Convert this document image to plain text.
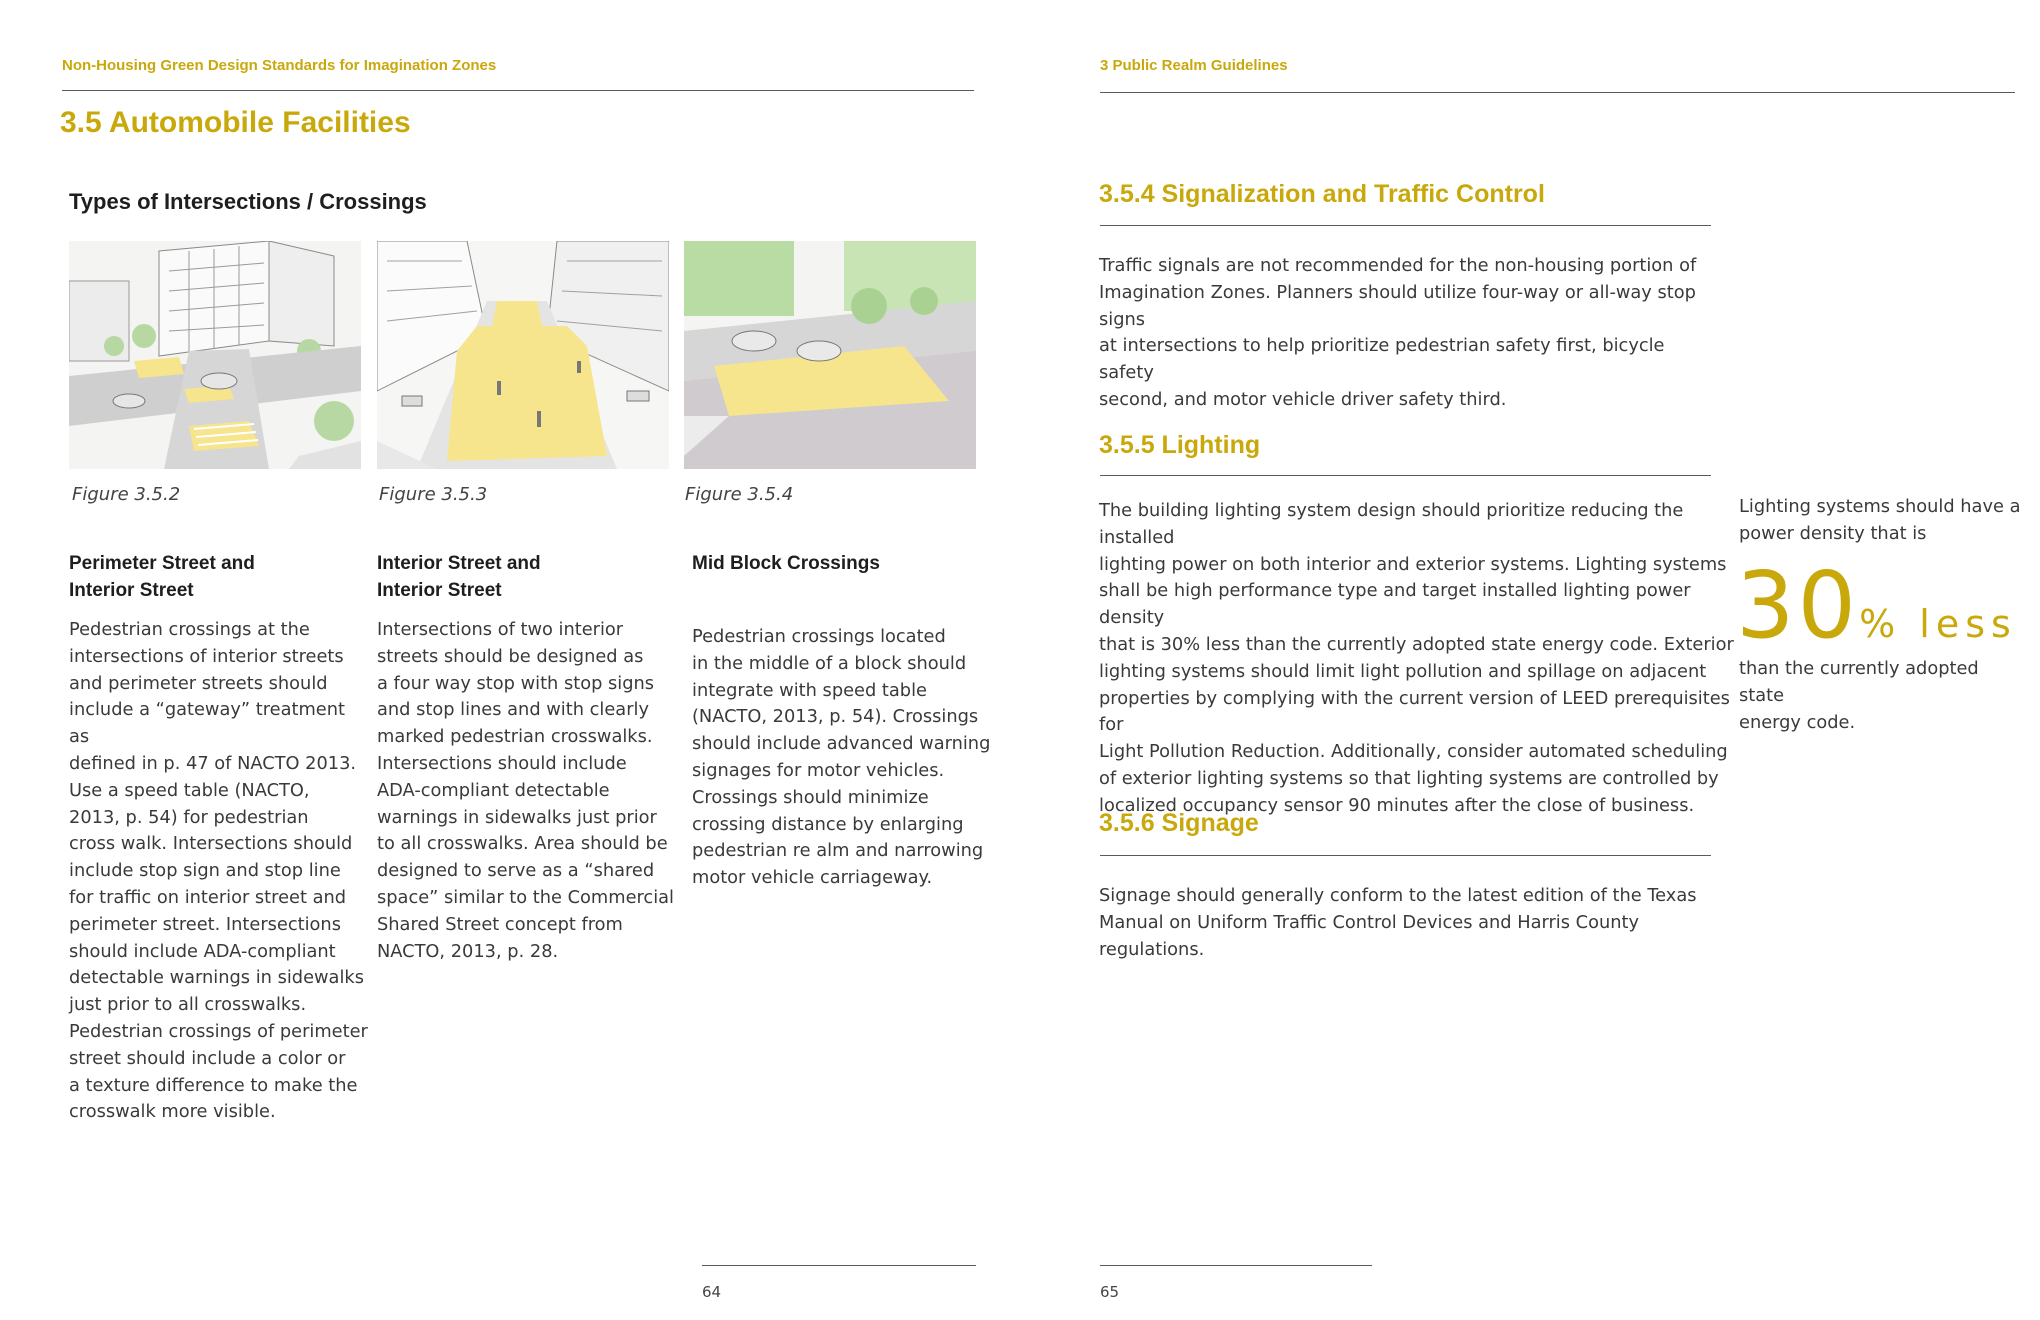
Non-Housing Green Design Standards for Imagination Zones
3.5 Automobile Facilities
Types of Intersections / Crossings
Figure 3.5.2	Figure 3.5.3	Figure 3.5.4
Perimeter Street and
Interior Street
Pedestrian crossings at the
intersections of interior streets
and perimeter streets should
include a “gateway” treatment as
defined in p. 47 of NACTO 2013.
Use a speed table (NACTO,
2013, p. 54) for pedestrian
cross walk. Intersections should
include stop sign and stop line
for traffic on interior street and
perimeter street. Intersections
should include ADA-compliant
detectable warnings in sidewalks
just prior to all crosswalks.
Pedestrian crossings of perimeter
street should include a color or
a texture difference to make the
crosswalk more visible.
Interior Street and
Interior Street
Intersections of two interior
streets should be designed as
a four way stop with stop signs
and stop lines and with clearly
marked pedestrian crosswalks.
Intersections should include
ADA-compliant detectable
warnings in sidewalks just prior
to all crosswalks. Area should be
designed to serve as a “shared
space” similar to the Commercial
Shared Street concept from
NACTO, 2013, p. 28.
Mid Block Crossings
Pedestrian crossings located
in the middle of a block should
integrate with speed table
(NACTO, 2013, p. 54). Crossings
should include advanced warning
signages for motor vehicles.
Crossings should minimize
crossing distance by enlarging
pedestrian re alm and narrowing
motor vehicle carriageway.
64
3 Public Realm Guidelines
3.5.4 Signalization and Traffic Control
Traffic signals are not recommended for the non-housing portion of
Imagination Zones. Planners should utilize four-way or all-way stop signs
at intersections to help prioritize pedestrian safety first, bicycle safety
second, and motor vehicle driver safety third.
3.5.5 Lighting
The building lighting system design should prioritize reducing the installed
lighting power on both interior and exterior systems. Lighting systems
shall be high performance type and target installed lighting power density
that is 30% less than the currently adopted state energy code. Exterior
lighting systems should limit light pollution and spillage on adjacent
properties by complying with the current version of LEED prerequisites for
Light Pollution Reduction. Additionally, consider automated scheduling
of exterior lighting systems so that lighting systems are controlled by
localized occupancy sensor 90 minutes after the close of business.
Lighting systems should have a
power density that is
30% less
than the currently adopted state
energy code.
3.5.6 Signage
Signage should generally conform to the latest edition of the Texas
Manual on Uniform Traffic Control Devices and Harris County regulations.
65
